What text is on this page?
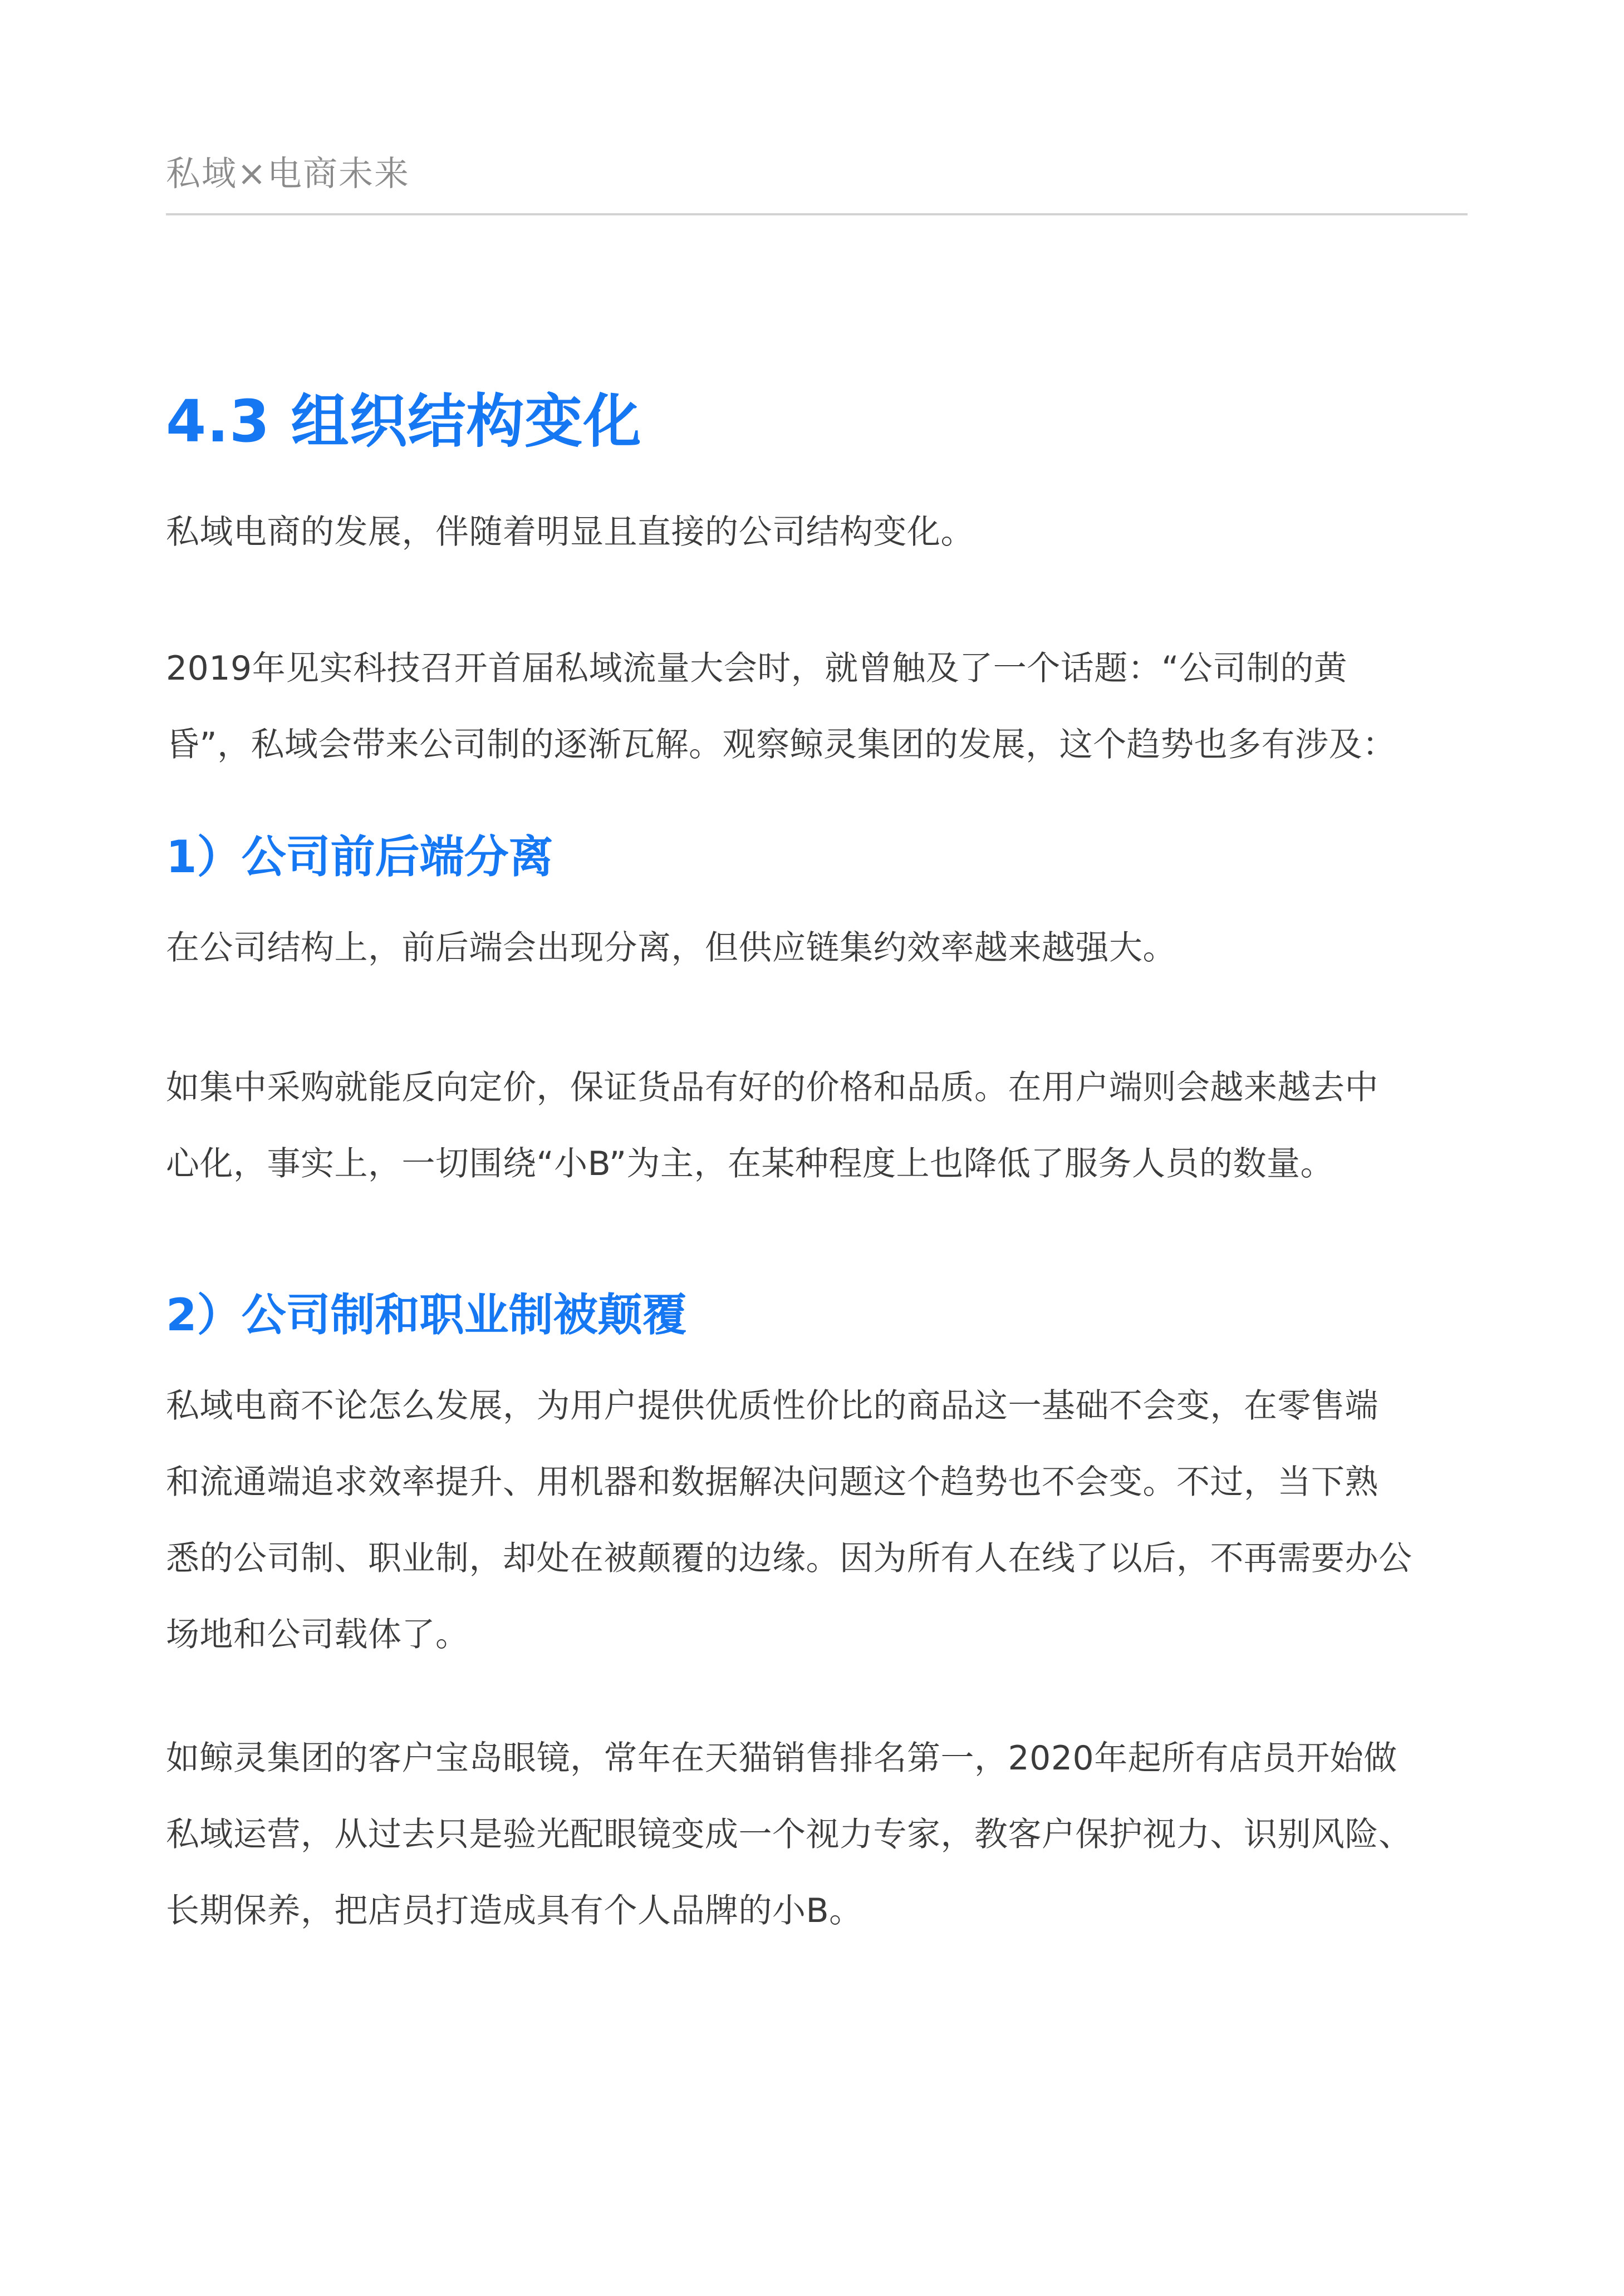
私域×电商未来
4.3 组织结构变化
私域电商的发展，伴随着明显且直接的公司结构变化。
2019年见实科技召开首届私域流量大会时，就曾触及了一个话题：“公司制的黄
昏”，私域会带来公司制的逐渐瓦解。观察鲸灵集团的发展，这个趋势也多有涉及：
1）公司前后端分离
在公司结构上，前后端会出现分离，但供应链集约效率越来越强大。
如集中采购就能反向定价，保证货品有好的价格和品质。在用户端则会越来越去中
心化，事实上，一切围绕“小B”为主，在某种程度上也降低了服务人员的数量。
2）公司制和职业制被颠覆
私域电商不论怎么发展，为用户提供优质性价比的商品这一基础不会变，在零售端
和流通端追求效率提升、用机器和数据解决问题这个趋势也不会变。不过，当下熟
悉的公司制、职业制，却处在被颠覆的边缘。因为所有人在线了以后，不再需要办公
场地和公司载体了。
如鲸灵集团的客户宝岛眼镜，常年在天猫销售排名第一，2020年起所有店员开始做
私域运营，从过去只是验光配眼镜变成一个视力专家，教客户保护视力、识别风险、
长期保养，把店员打造成具有个人品牌的小B。
